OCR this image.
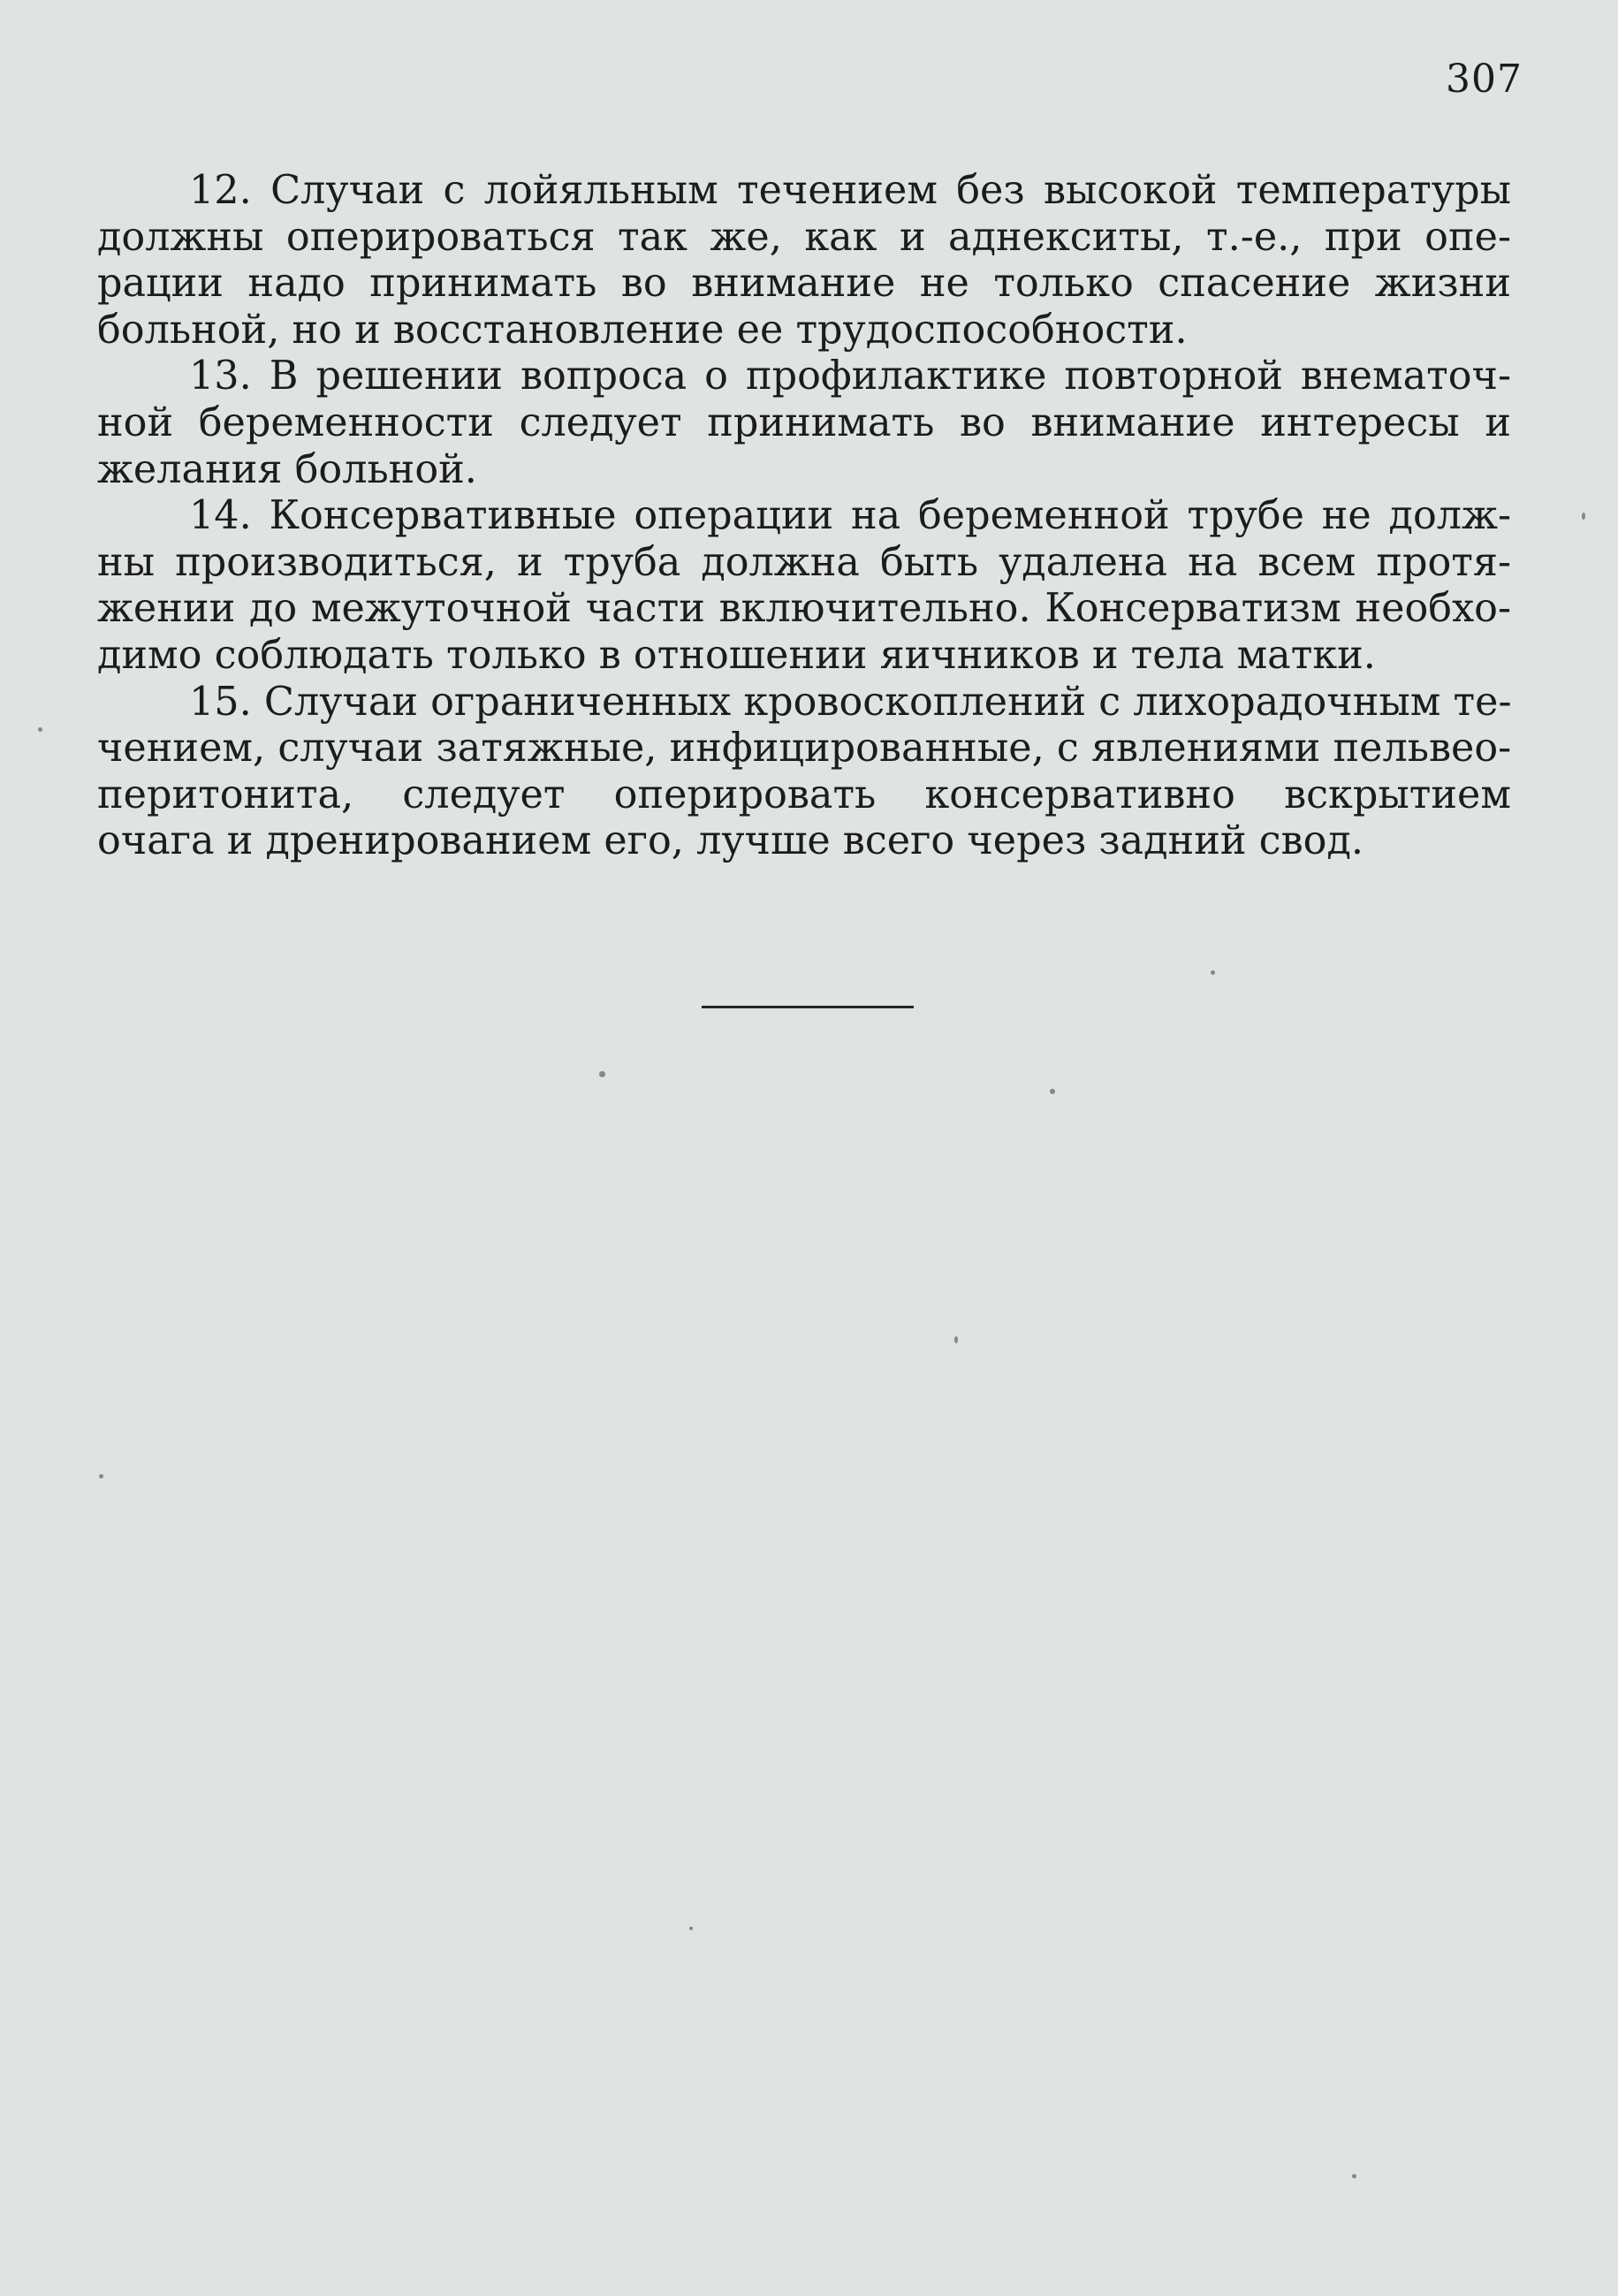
307

12. Случаи с лойяльным течением без высокой температуры
должны оперироваться так же, как и аднекситы, т.-е., при опе-
рации надо принимать во внимание не только спасение жизни
больной, но и восстановление ее трудоспособности.

13. В решении вопроса о профилактике повторной внематоч-
ной беременности следует принимать во внимание интересы и
желания больной.

14. Консервативные операции на беременной трубе не долж-
ны производиться, и труба должна быть удалена на всем протя-
жении до межуточной части включительно. Консерватизм необхо-
димо соблюдать только в отношении яичников и тела матки.

15. Случаи ограниченных кровоскоплений с лихорадочным те-
чением, случаи затяжные, инфицированные, с явлениями пельвео-
перитонита, следует оперировать консервативно вскрытием
очага и дренированием его, лучше всего через задний свод.
